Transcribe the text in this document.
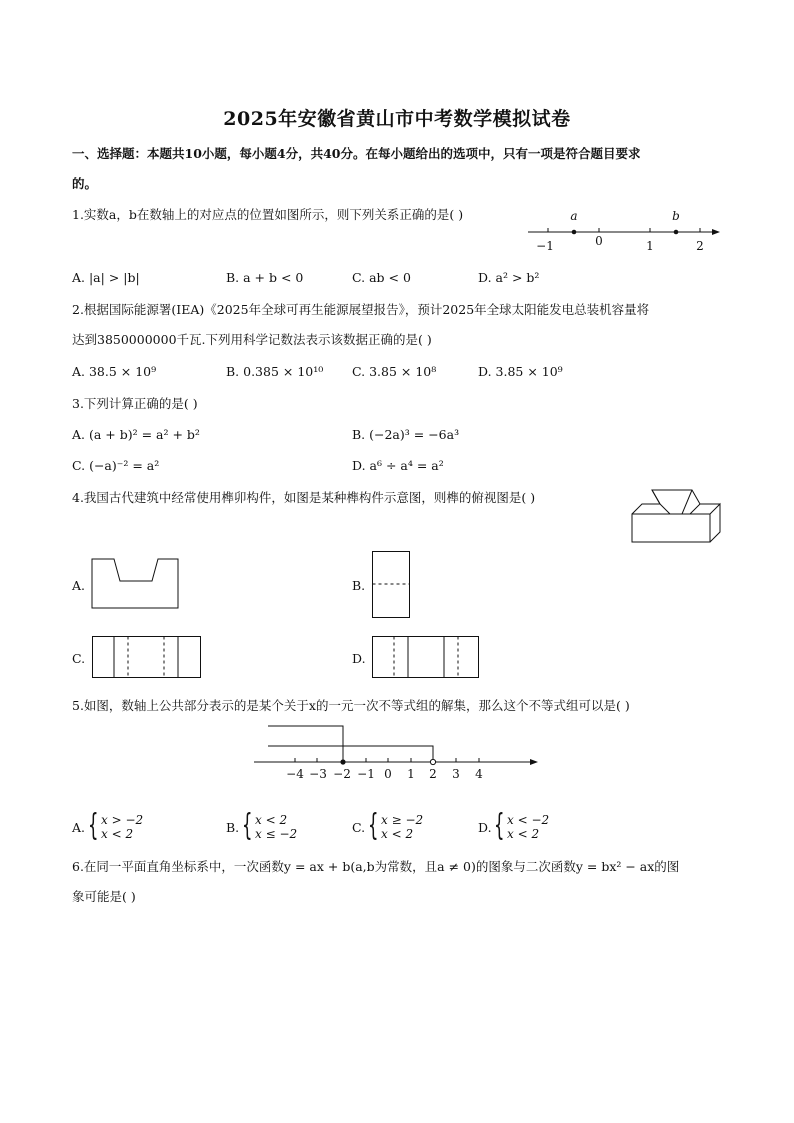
2025年安徽省黄山市中考数学模拟试卷
一、选择题：本题共10小题，每小题4分，共40分。在每小题给出的选项中，只有一项是符合题目要求
的。
1.实数a，b在数轴上的对应点的位置如图所示，则下列关系正确的是( )	a	b
−1	0	1	2
A. |a| > |b|	B. a + b < 0	C. ab < 0	D. a² > b²
2.根据国际能源署(IEA)《2025年全球可再生能源展望报告》，预计2025年全球太阳能发电总装机容量将
达到3850000000千瓦.下列用科学记数法表示该数据正确的是( )
A. 38.5 × 10⁹	B. 0.385 × 10¹⁰ C. 3.85 × 10⁸	D. 3.85 × 10⁹
3.下列计算正确的是( )
A. (a + b)² = a² + b²	B. (−2a)³ = −6a³
C. (−a)⁻² = a²	D. a⁶ ÷ a⁴ = a²
4.我国古代建筑中经常使用榫卯构件，如图是某种榫构件示意图，则榫的俯视图是( )
A.	B.
C.	D.
5.如图，数轴上公共部分表示的是某个关于x的一元一次不等式组的解集，那么这个不等式组可以是( )
−4 −3 −2 −1 0 1 2 3 4
A. { x > −2
x < 2	B. { x < 2
x ≤ −2	C. { x ≥ −2
x < 2	D. { x < −2
x < 2
6.在同一平面直角坐标系中，一次函数y = ax + b(a,b为常数，且a ≠ 0)的图象与二次函数y = bx² − ax的图
象可能是( )
